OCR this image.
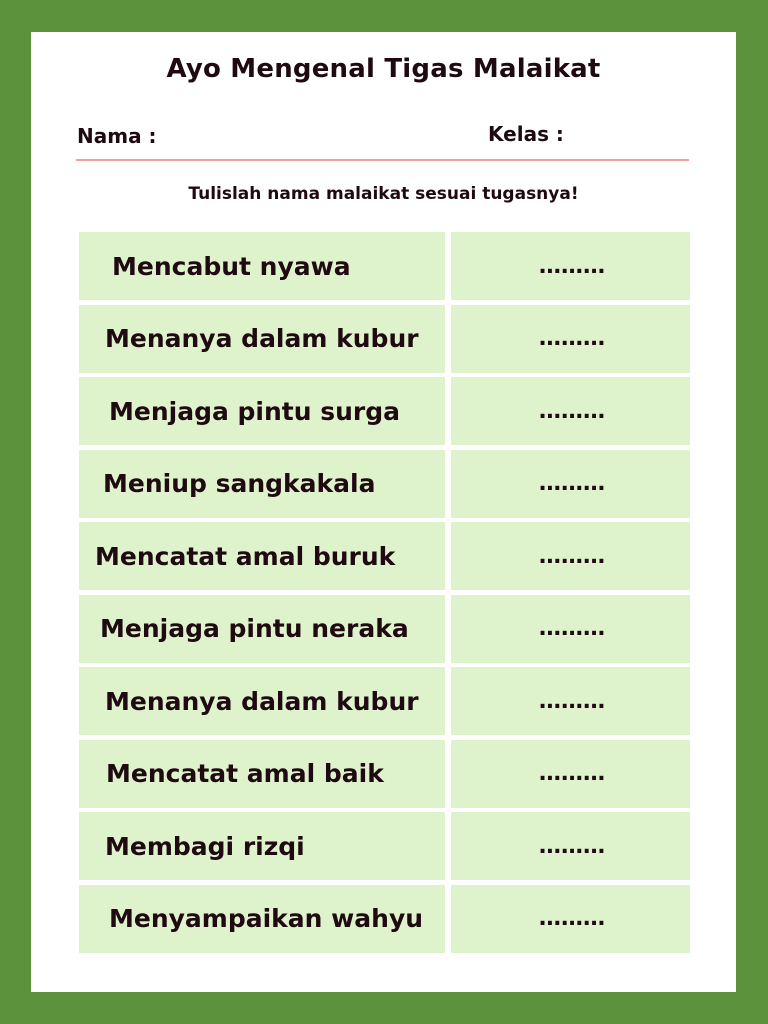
Ayo Mengenal Tigas Malaikat
Nama :	Kelas :
Tulislah nama malaikat sesuai tugasnya!
Mencabut nyawa	.........
Menanya dalam kubur	.........
Menjaga pintu surga	.........
Meniup sangkakala	.........
Mencatat amal buruk	.........
Menjaga pintu neraka	.........
Menanya dalam kubur	.........
Mencatat amal baik	.........
Membagi rizqi	.........
Menyampaikan wahyu	.........
